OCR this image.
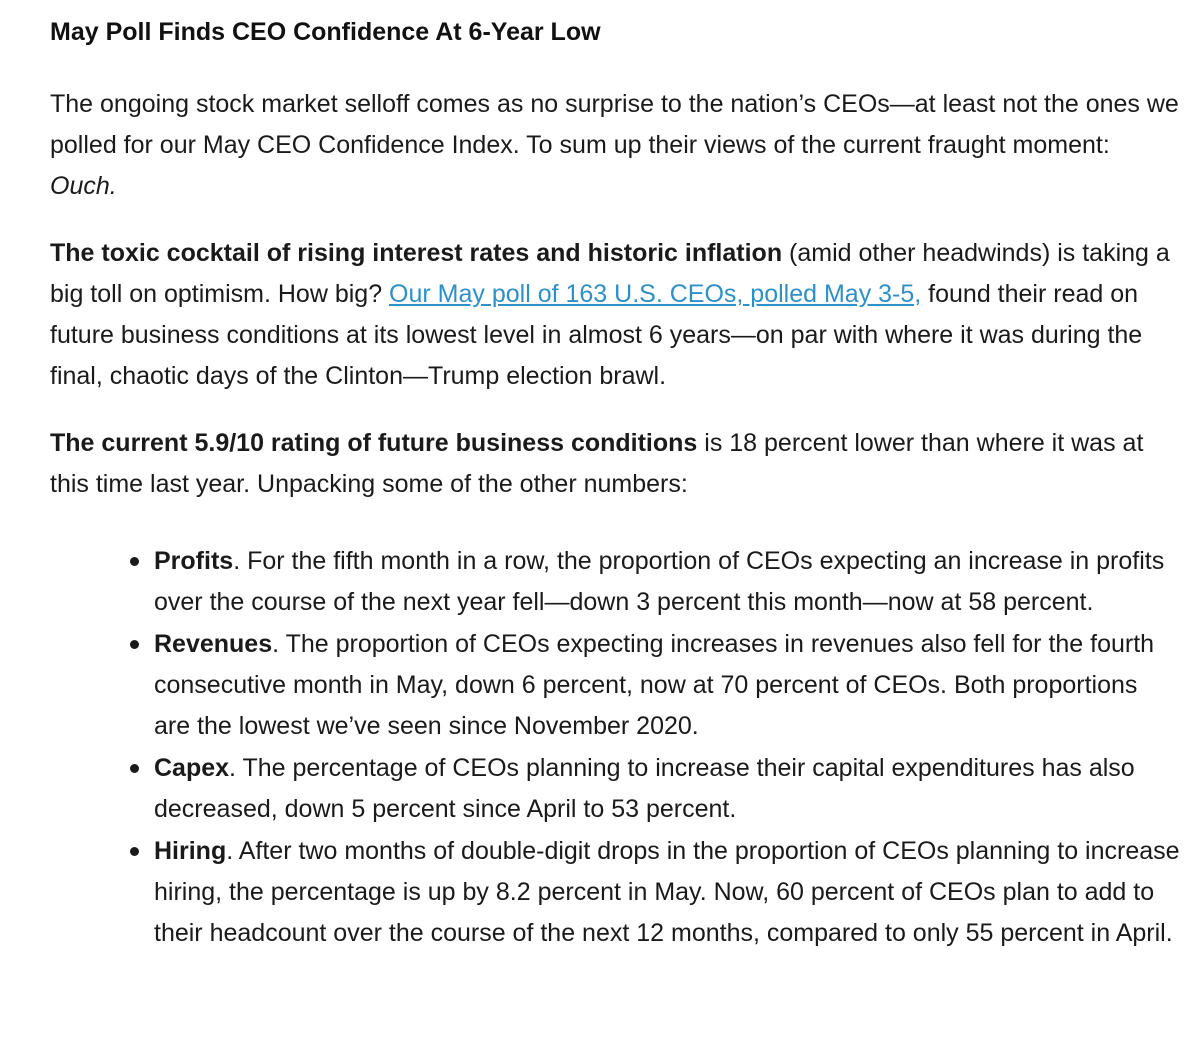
May Poll Finds CEO Confidence At 6-Year Low

The ongoing stock market selloff comes as no surprise to the nation’s CEOs—at least not the ones we polled for our May CEO Confidence Index. To sum up their views of the current fraught moment: Ouch.

The toxic cocktail of rising interest rates and historic inflation (amid other headwinds) is taking a big toll on optimism. How big? Our May poll of 163 U.S. CEOs, polled May 3-5, found their read on future business conditions at its lowest level in almost 6 years—on par with where it was during the final, chaotic days of the Clinton—Trump election brawl.

The current 5.9/10 rating of future business conditions is 18 percent lower than where it was at this time last year. Unpacking some of the other numbers:

Profits. For the fifth month in a row, the proportion of CEOs expecting an increase in profits over the course of the next year fell—down 3 percent this month—now at 58 percent.
Revenues. The proportion of CEOs expecting increases in revenues also fell for the fourth consecutive month in May, down 6 percent, now at 70 percent of CEOs. Both proportions are the lowest we’ve seen since November 2020.
Capex. The percentage of CEOs planning to increase their capital expenditures has also decreased, down 5 percent since April to 53 percent.
Hiring. After two months of double-digit drops in the proportion of CEOs planning to increase hiring, the percentage is up by 8.2 percent in May. Now, 60 percent of CEOs plan to add to their headcount over the course of the next 12 months, compared to only 55 percent in April.
